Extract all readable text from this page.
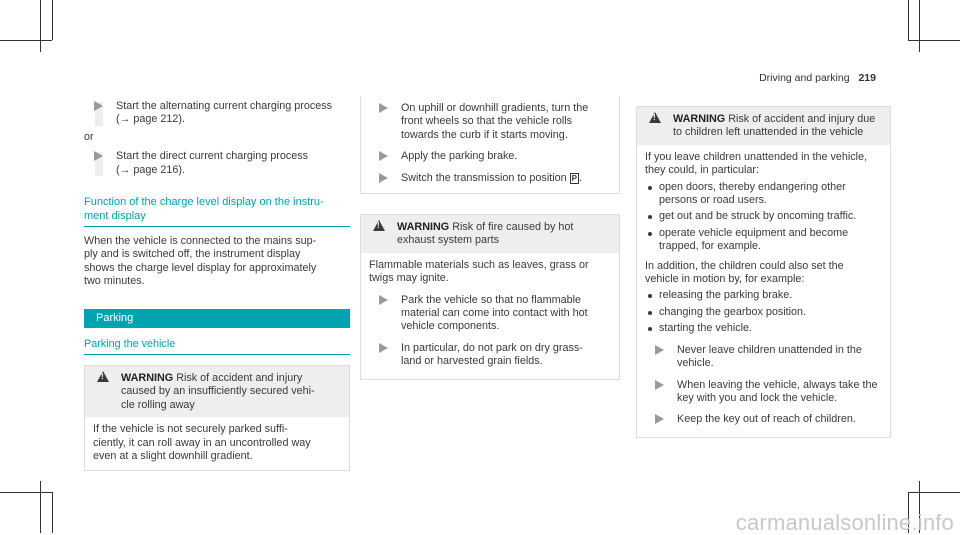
Driving and parking 219
Start the alternating current charging process
(→ page 212).
or
Start the direct current charging process
(→ page 216).
Function of the charge level display on the instru-
ment display
When the vehicle is connected to the mains sup-
ply and is switched off, the instrument display
shows the charge level display for approximately
two minutes.
Parking
Parking the vehicle
!
WARNING Risk of accident and injury
caused by an insufficiently secured vehi-
cle rolling away
If the vehicle is not securely parked suffi-
ciently, it can roll away in an uncontrolled way
even at a slight downhill gradient.
On uphill or downhill gradients, turn the
front wheels so that the vehicle rolls
towards the curb if it starts moving.
Apply the parking brake.
Switch the transmission to position P .
!
WARNING Risk of fire caused by hot
exhaust system parts
Flammable materials such as leaves, grass or
twigs may ignite.
Park the vehicle so that no flammable
material can come into contact with hot
vehicle components.
In particular, do not park on dry grass-
land or harvested grain fields.
!
WARNING Risk of accident and injury due
to children left unattended in the vehicle
If you leave children unattended in the vehicle,
they could, in particular:
open doors, thereby endangering other
persons or road users.
get out and be struck by oncoming traffic.
operate vehicle equipment and become
trapped, for example.
In addition, the children could also set the
vehicle in motion by, for example:
releasing the parking brake.
changing the gearbox position.
starting the vehicle.
Never leave children unattended in the
vehicle.
When leaving the vehicle, always take the
key with you and lock the vehicle.
Keep the key out of reach of children.
carmanualsonline.info
